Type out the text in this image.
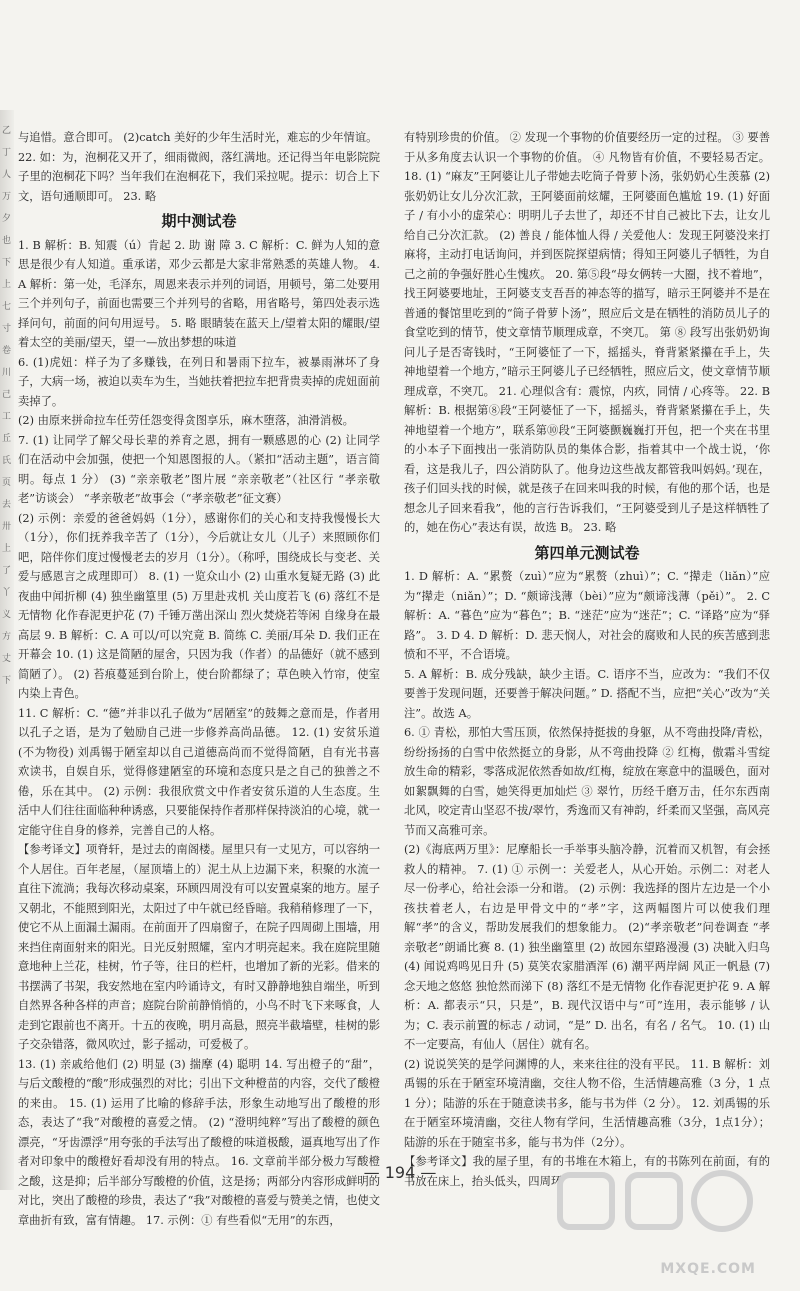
乙
丁
人
万
夕
也
下
上
七
寸
卷
川
己
工
丘
氏
页
去
卅
上
了
丫
义
方
丈
下

与追惜。意合即可。 (2)catch 美好的少年生活时光，难忘的少年情谊。

22. 如：为，泡桐花又开了，细雨微阀，落红满地。还记得当年电影院院子里的泡桐花下吗？当年我们在泡桐花下，我们采拉呢。提示：切合上下文，语句通顺即可。 23. 略

期中测试卷

1. B 解析：B. 知震（ú）肯起 2. 助 谢 障 3. C 解析：C. 鲜为人知的意思是很少有人知道。重承诺，邓少云都是大家非常熟悉的英雄人物。 4. A 解析：第一处，毛泽东，周恩来表示并列的词语，用顿号，第二处要用三个并列句子，前面也需要三个并列号的省略，用省略号，第四处表示选择问句，前面的问句用逗号。 5. 略 眼睛装在蓝天上/望着太阳的耀眼/望着太空的美丽/望天，望一—放出梦想的味道

6. (1)虎妞：样子为了多赚钱，在列日和暑雨下拉车，被暴雨淋坏了身子，大病一场，被迫以卖车为生，当她扶着把拉车把背贵卖掉的虎妞面前卖掉了。

(2) 由原来拼命拉车任劳任怨变得贪图享乐，麻木堕落，油滑消极。

7. (1) 让同学了解父母长辈的养育之恩，拥有一颗感恩的心 (2) 让同学们在活动中会加强，使把一个知恩图报的人。（紧扣“活动主题”，语言简明。每点 1 分） (3) “亲亲敬老”图片展 “亲亲敬老”（社区行 “孝亲敬老”访谈会） “孝亲敬老”故事会（“孝亲敬老”征文赛）

(2) 示例：亲爱的爸爸妈妈（1分），感谢你们的关心和支持我慢慢长大（1分），你们抚养我辛苦了（1分），今后就让女儿（儿子）来照顾你们吧，陪伴你们度过慢慢老去的岁月（1分）。（称呼，围绕成长与变老、关爱与感恩言之成理即可） 8. (1) 一览众山小 (2) 山重水复疑无路 (3) 此夜曲中闻折柳 (4) 独坐幽篁里 (5) 万里赴戎机 关山度若飞 (6) 落红不是无情物 化作春泥更护花 (7) 千锤万凿出深山 烈火焚烧若等闲 自缘身在最高层 9. B 解析：C. A 可以/可以究竟 B. 简练 C. 美丽/耳朵 D. 我们正在开幕会 10. (1) 这是简陋的屋舍，只因为我（作者）的品德好（就不感到简陋了）。 (2) 苔痕蔓延到台阶上，使台阶都绿了；草色映入竹帘，使室内染上青色。

11. C 解析：C. “德”并非以孔子做为“居陋室”的鼓舞之意而是，作者用以孔子之语，是为了勉励自己进一步修养高尚品德。 12. (1) 安贫乐道 (不为物役) 刘禹锡于陋室却以自己道德高尚而不觉得简陋，自有光书喜欢读书，自娱自乐，觉得修建陋室的环境和态度只是之自己的独善之不倦，乐在其中。 (2) 示例：我很欣赏文中作者安贫乐道的人生态度。生活中人们往往面临种种诱惑，只要能保持作者那样保持淡泊的心境，就一定能守住自身的修养，完善自己的人格。

【参考译文】项脊轩，是过去的南阁楼。屋里只有一丈见方，可以容纳一个人居住。百年老屋，（屋顶墙上的）泥土从上边漏下来，积聚的水流一直往下流淌；我每次移动桌案，环顾四周没有可以安置桌案的地方。屋子又朝北，不能照到阳光，太阳过了中午就已经昏暗。我稍稍修理了一下，使它不从上面漏土漏雨。在前面开了四扇窗子，在院子四周砌上围墙，用来挡住南面射来的阳光。日光反射照耀，室内才明亮起来。我在庭院里随意地种上兰花，桂树，竹子等，往日的栏杆，也增加了新的光彩。借来的书摆满了书架，我安然地在室内吟诵诗文，有时又静静地独自端坐，听到自然界各种各样的声音；庭院台阶前静悄悄的，小鸟不时飞下来啄食，人走到它跟前也不离开。十五的夜晚，明月高悬，照亮半截墙壁，桂树的影子交杂错落，微风吹过，影子摇动，可爱极了。

13. (1) 亲戚给他们 (2) 明显 (3) 揣摩 (4) 聪明 14. 写出橙子的“甜”，与后文酸橙的“酸”形成强烈的对比；引出下文种橙苗的内容，交代了酸橙的来由。 15. (1) 运用了比喻的修辞手法，形象生动地写出了酸橙的形态，表达了“我”对酸橙的喜爱之情。 (2) “澄明纯粹”写出了酸橙的颜色漂亮，“牙齿漂浮”用夸张的手法写出了酸橙的味道极酸，逼真地写出了作者对印象中的酸橙好看却没有用的特点。 16. 文章前半部分极力写酸橙之酸，这是抑；后半部分写酸橙的价值，这是扬；两部分内容形成鲜明的对比，突出了酸橙的珍贵，表达了“我”对酸橙的喜爱与赞美之情，也使文章曲折有致，富有情趣。 17. 示例：① 有些看似“无用”的东西，

有特别珍贵的价值。 ② 发现一个事物的价值要经历一定的过程。 ③ 要善于从多角度去认识一个事物的价值。 ④ 凡物皆有价值，不要轻易否定。 18. (1) “麻友”王阿婆让儿子带她去吃筒子骨萝卜汤，张奶奶心生羡慕 (2) 张奶奶让女儿分次汇款，王阿婆面前炫耀，王阿婆面色尴尬 19. (1) 好面子 / 有小小的虚荣心：明明儿子去世了，却还不甘自己被比下去，让女儿给自己分次汇款。 (2) 善良 / 能体恤人得 / 关爱他人：发现王阿婆没来打麻将，主动打电话询问，并到医院探望病情；得知王阿婆儿子牺牲，为自己之前的争强好胜心生愧疚。 20. 第⑤段“母女俩转一大圈，找不着地”，找王阿婆要地址，王阿婆支支吾吾的神态等的描写，暗示王阿婆并不是在普通的餐馆里吃到的“筒子骨萝卜汤”，照应后文是在牺牲的消防员儿子的食堂吃到的情节，使文章情节顺理成章，不突兀。 第 ⑧ 段写出张奶奶询问儿子是否寄钱时，“王阿婆怔了一下，摇摇头，脊背紧紧攥在手上，失神地望着一个地方，”暗示王阿婆儿子已经牺牲，照应后文，使文章情节顺理成章，不突兀。 21. 心理似含有：震惊，内疚，同情 / 心疼等。 22. B 解析：B. 根据第⑧段“王阿婆怔了一下，摇摇头，脊背紧紧攥在手上，失神地望着一个地方”，联系第⑩段“王阿婆颤巍巍打开包，把一个夹在书里的小本子下面拽出一张消防队员的集体合影，指着其中一个战士说，‘你看，这是我儿子，四公消防队了。他身边这些战友都管我叫妈妈。’现在，孩子们回头找的时候，就是孩子在回来叫我的时候，有他的那个话，也是想念儿子回来看我”，他的言行告诉我们，“王阿婆受到儿子是这样牺牲了的，她在伤心”表达有误，故选 B。 23. 略

第四单元测试卷

1. D 解析：A. “累赘（zuì）”应为“累赘（zhuì）”；C. “撵走（liǎn）”应为“撵走（niǎn）”；D. “颇谛浅薄（bèi）”应为“颇谛浅薄（pěi）”。 2. C 解析：A. “暮色”应为“暮色”；B. “迷茫”应为“迷茫”；C. “译路”应为“驿路”。 3. D 4. D 解析：D. 悲天悯人，对社会的腐败和人民的疾苦感到悲愤和不平，不合语境。

5. A 解析：B. 成分残缺，缺少主语。C. 语序不当，应改为：“我们不仅要善于发现问题，还要善于解决问题。” D. 搭配不当，应把“关心”改为“关注”。故选 A。

6. ① 青松，那怕大雪压顶，依然保持挺拔的身躯，从不弯曲投降/青松，纷纷扬扬的白雪中依然挺立的身影，从不弯曲投降 ② 红梅，傲霜斗雪绽放生命的精彩，零落成泥依然香如故/红梅，绽放在寒意中的温暖色，面对如絮飘舞的白雪，她笑得更加灿烂 ③ 翠竹，历经千磨万击，任尔东西南北风，咬定青山坚忍不拔/翠竹，秀逸而又有神韵，纤柔而又坚强，高风亮节而又高雅可亲。

(2)《海底两万里》：尼摩船长一手举事头脑冷静，沉着而又机智，有会拯救人的精神。 7. (1) ① 示例一：关爱老人，从心开始。示例二：对老人尽一份孝心，给社会添一分和谐。 (2) 示例：我选择的图片左边是一个小孩扶着老人，右边是甲骨文中的“孝”字，这两幅图片可以使我们理解“孝”的含义，帮助发展我们的想象能力。 (2)“孝亲敬老”问卷调查 “孝亲敬老”朗诵比赛 8. (1) 独坐幽篁里 (2) 故园东望路漫漫 (3) 决眦入归鸟 (4) 闻说鸡鸣见日升 (5) 莫笑农家腊酒浑 (6) 潮平两岸阔 风正一帆悬 (7) 念天地之悠悠 独怆然而涕下 (8) 落红不是无情物 化作春泥更护花 9. A 解析：A. 都表示“只，只是”，B. 现代汉语中与“可”连用，表示能够 / 认为；C. 表示前置的标志 / 动词，“是” D. 出名，有名 / 名气。 10. (1) 山不一定要高，有仙人（居住）就有名。

(2) 说说笑笑的是学问渊博的人，来来往往的没有平民。 11. B 解析：刘禹锡的乐在于陋室环境清幽，交往人物不俗，生活情趣高雅（3 分，1 点 1 分）；陆游的乐在于随意读书多，能与书为伴（2 分）。 12. 刘禹锡的乐在于陋室环境清幽，交往人物有学问，生活情趣高雅（3分，1点1分）；陆游的乐在于随室书多，能与书为伴（2分）。

【参考译文】我的屋子里，有的书堆在木箱上，有的书陈列在前面，有的书放在床上，抬头低头，四周环

— 194 —
MXQE.COM
